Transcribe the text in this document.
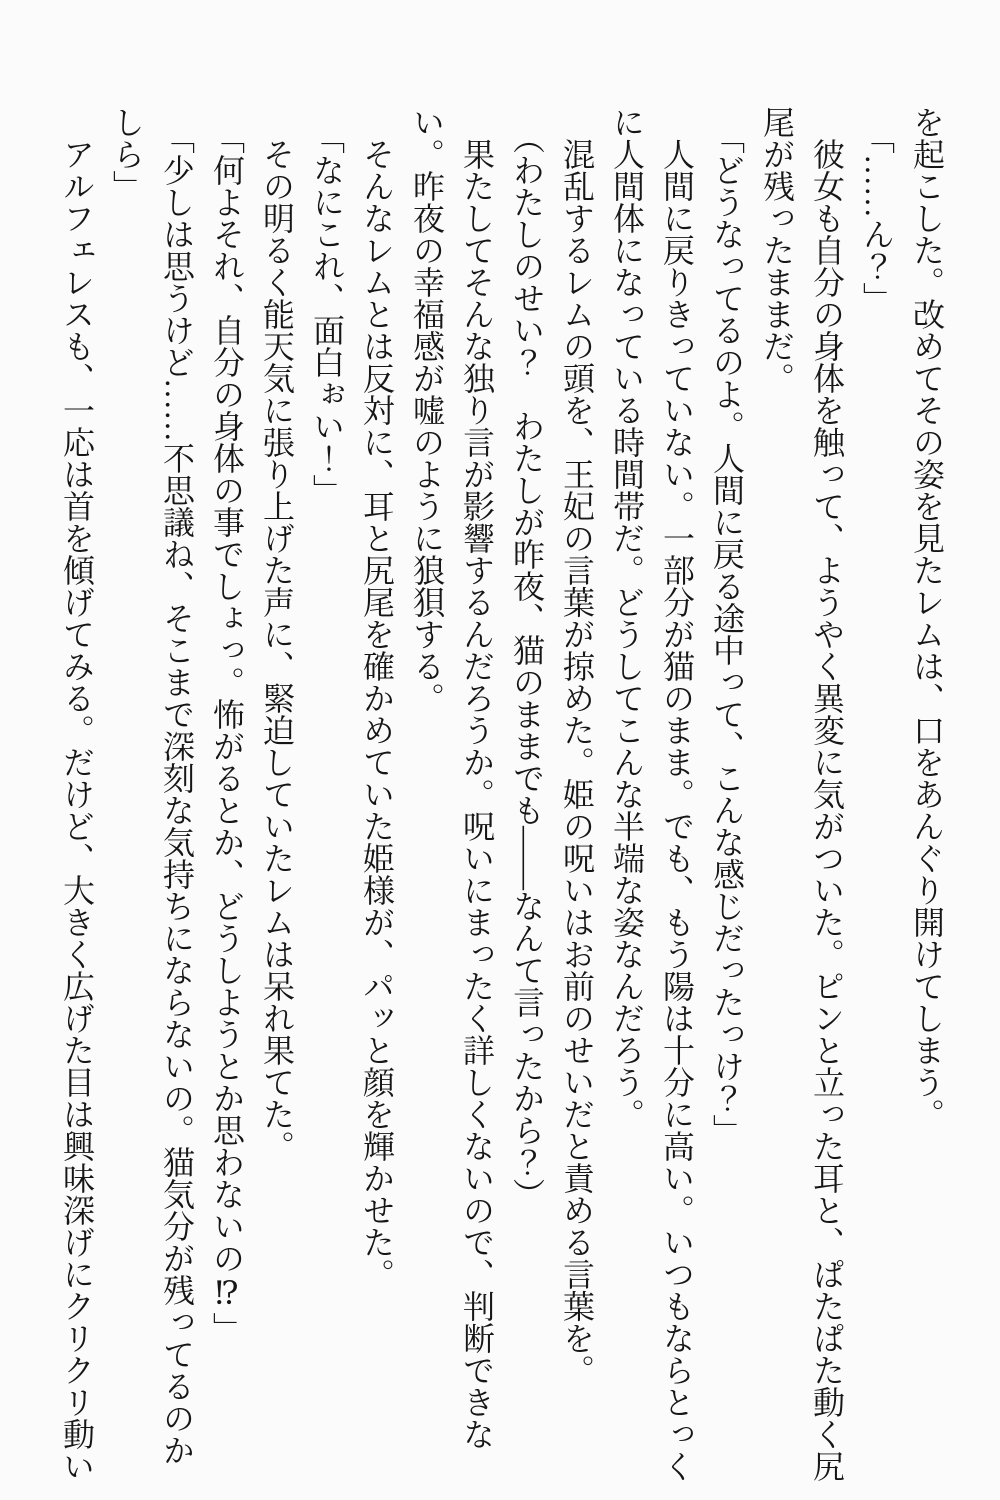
を起こした。改めてその姿を見たレムは、口をあんぐり開けてしまう。

「……ん？」

彼女も自分の身体を触って、ようやく異変に気がついた。ピンと立った耳と、ぱたぱた動く尻尾が残ったままだ。

「どうなってるのよ。人間に戻る途中って、こんな感じだったっけ？」

人間に戻りきっていない。一部分が猫のまま。でも、もう陽は十分に高い。いつもならとっくに人間体になっている時間帯だ。どうしてこんな半端な姿なんだろう。

混乱するレムの頭を、王妃の言葉が掠めた。姫の呪いはお前のせいだと責める言葉を。

（わたしのせい？　わたしが昨夜、猫のままでも――なんて言ったから？）

果たしてそんな独り言が影響するんだろうか。呪いにまったく詳しくないので、判断できない。昨夜の幸福感が嘘のように狼狽する。

そんなレムとは反対に、耳と尻尾を確かめていた姫様が、パッと顔を輝かせた。

「なにこれ、面白ぉい！」

その明るく能天気に張り上げた声に、緊迫していたレムは呆れ果てた。

「何よそれ、自分の身体の事でしょっ。怖がるとか、どうしようとか思わないの⁉」

「少しは思うけど……不思議ね、そこまで深刻な気持ちにならないの。猫気分が残ってるのかしら」

アルフェレスも、一応は首を傾げてみる。だけど、大きく広げた目は興味深げにクリクリ動い
